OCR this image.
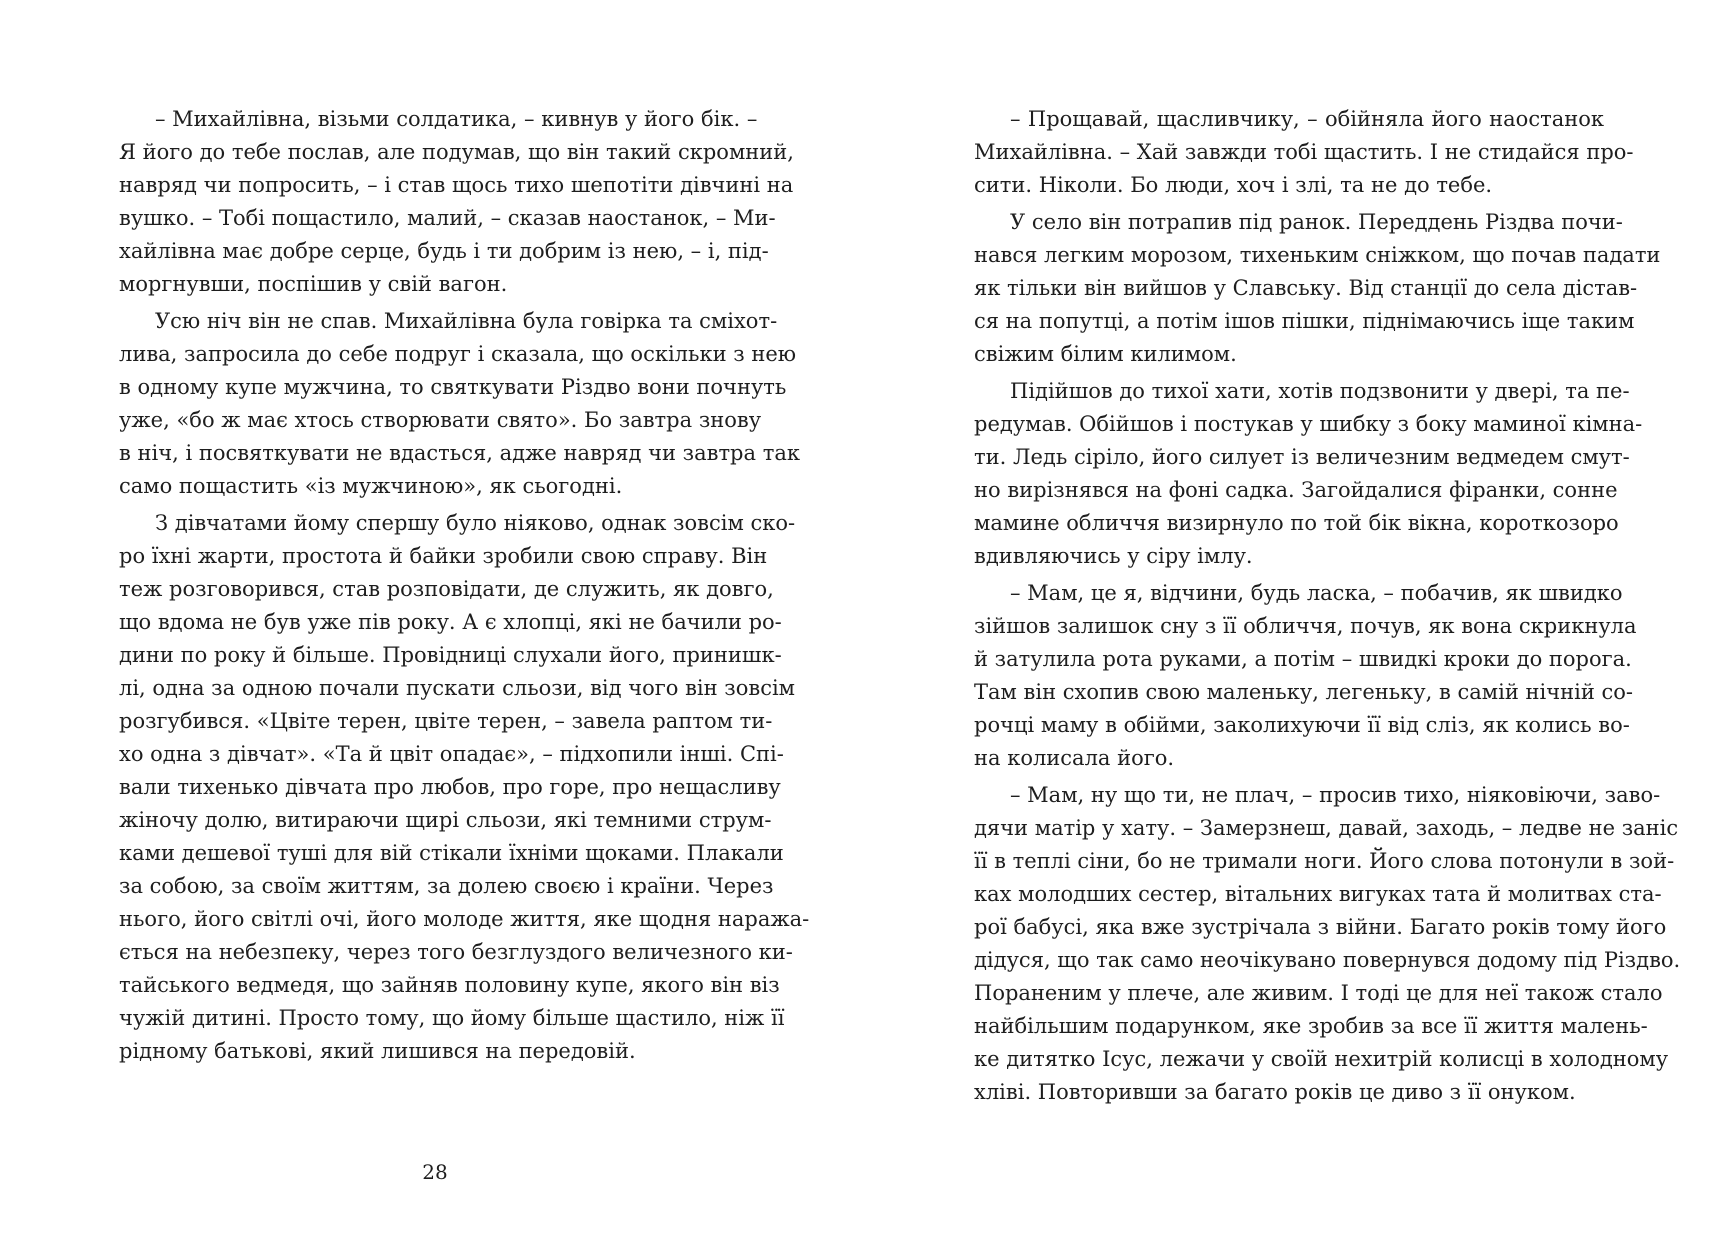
– Михайлівна, візьми солдатика, – кивнув у його бік. –
Я його до тебе послав, але подумав, що він такий скромний,
навряд чи попросить, – і став щось тихо шепотіти дівчині на
вушко. – Тобі пощастило, малий, – сказав наостанок, – Ми-
хайлівна має добре серце, будь і ти добрим із нею, – і, під-
моргнувши, поспішив у свій вагон.
Усю ніч він не спав. Михайлівна була говірка та сміхот-
лива, запросила до себе подруг і сказала, що оскільки з нею
в одному купе мужчина, то святкувати Різдво вони почнуть
уже, «бо ж має хтось створювати свято». Бо завтра знову
в ніч, і посвяткувати не вдасться, адже навряд чи завтра так
само пощастить «із мужчиною», як сьогодні.
З дівчатами йому спершу було ніяково, однак зовсім ско-
ро їхні жарти, простота й байки зробили свою справу. Він
теж розговорився, став розповідати, де служить, як довго,
що вдома не був уже пів року. А є хлопці, які не бачили ро-
дини по року й більше. Провідниці слухали його, принишк-
лі, одна за одною почали пускати сльози, від чого він зовсім
розгубився. «Цвіте терен, цвіте терен, – завела раптом ти-
хо одна з дівчат». «Та й цвіт опадає», – підхопили інші. Спі-
вали тихенько дівчата про любов, про горе, про нещасливу
жіночу долю, витираючи щирі сльози, які темними струм-
ками дешевої туші для вій стікали їхніми щоками. Плакали
за собою, за своїм життям, за долею своєю і країни. Через
нього, його світлі очі, його молоде життя, яке щодня наража-
ється на небезпеку, через того безглуздого величезного ки-
тайського ведмедя, що зайняв половину купе, якого він віз
чужій дитині. Просто тому, що йому більше щастило, ніж її
рідному батькові, який лишився на передовій.
28
– Прощавай, щасливчику, – обійняла його наостанок
Михайлівна. – Хай завжди тобі щастить. І не стидайся про-
сити. Ніколи. Бо люди, хоч і злі, та не до тебе.
У село він потрапив під ранок. Переддень Різдва почи-
нався легким морозом, тихеньким сніжком, що почав падати
як тільки він вийшов у Славську. Від станції до села дістав-
ся на попутці, а потім ішов пішки, піднімаючись іще таким
свіжим білим килимом.
Підійшов до тихої хати, хотів подзвонити у двері, та пе-
редумав. Обійшов і постукав у шибку з боку маминої кімна-
ти. Ледь сіріло, його силует із величезним ведмедем смут-
но вирізнявся на фоні садка. Загойдалися фіранки, сонне
мамине обличчя визирнуло по той бік вікна, короткозоро
вдивляючись у сіру імлу.
– Мам, це я, відчини, будь ласка, – побачив, як швидко
зійшов залишок сну з її обличчя, почув, як вона скрикнула
й затулила рота руками, а потім – швидкі кроки до порога.
Там він схопив свою маленьку, легеньку, в самій нічній со-
рочці маму в обійми, заколихуючи її від сліз, як колись во-
на колисала його.
– Мам, ну що ти, не плач, – просив тихо, ніяковіючи, заво-
дячи матір у хату. – Замерзнеш, давай, заходь, – ледве не заніс
її в теплі сіни, бо не тримали ноги. Його слова потонули в зой-
ках молодших сестер, вітальних вигуках тата й молитвах ста-
рої бабусі, яка вже зустрічала з війни. Багато років тому його
дідуся, що так само неочікувано повернувся додому під Різдво.
Пораненим у плече, але живим. І тоді це для неї також стало
найбільшим подарунком, яке зробив за все її життя малень-
ке дитятко Ісус, лежачи у своїй нехитрій колисці в холодному
хліві. Повторивши за багато років це диво з її онуком.
